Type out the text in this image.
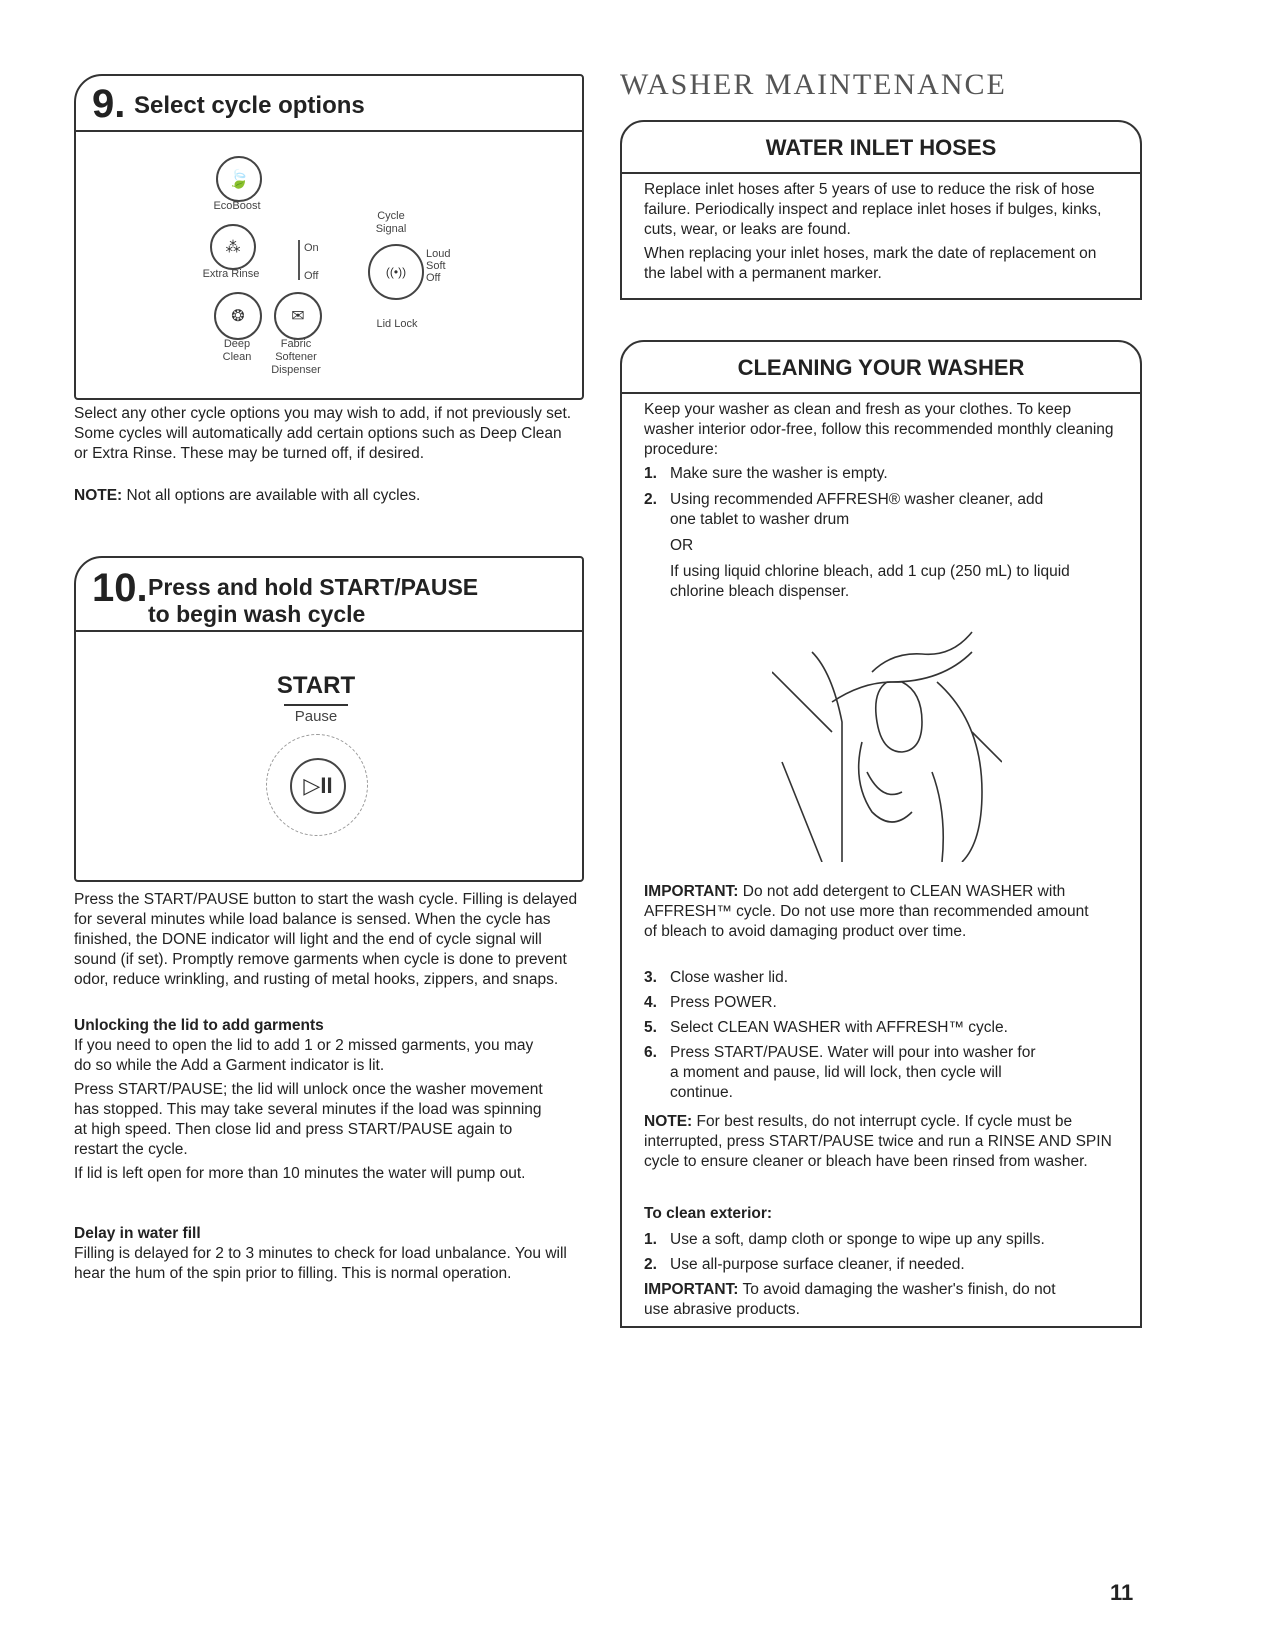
9. Select cycle options
🍃
EcoBoost
⁂
Extra Rinse
On
Off
Cycle Signal
((•))
Loud
Soft
Off
Lid Lock
❂
Deep Clean
✉
Fabric Softener Dispenser
Select any other cycle options you may wish to add, if not previously set. Some cycles will automatically add certain options such as Deep Clean or Extra Rinse. These may be turned off, if desired.
NOTE: Not all options are available with all cycles.
10. Press and hold START/PAUSE
to begin wash cycle
START
Pause
▷II
Press the START/PAUSE button to start the wash cycle. Filling is delayed for several minutes while load balance is sensed. When the cycle has finished, the DONE indicator will light and the end of cycle signal will sound (if set). Promptly remove garments when cycle is done to prevent odor, reduce wrinkling, and rusting of metal hooks, zippers, and snaps.
Unlocking the lid to add garments
If you need to open the lid to add 1 or 2 missed garments, you may do so while the Add a Garment indicator is lit.
Press START/PAUSE; the lid will unlock once the washer movement has stopped. This may take several minutes if the load was spinning at high speed. Then close lid and press START/PAUSE again to restart the cycle.
If lid is left open for more than 10 minutes the water will pump out.
Delay in water fill
Filling is delayed for 2 to 3 minutes to check for load unbalance. You will hear the hum of the spin prior to filling. This is normal operation.
WASHER MAINTENANCE
WATER INLET HOSES
Replace inlet hoses after 5 years of use to reduce the risk of hose failure. Periodically inspect and replace inlet hoses if bulges, kinks, cuts, wear, or leaks are found.
When replacing your inlet hoses, mark the date of replacement on the label with a permanent marker.
CLEANING YOUR WASHER
Keep your washer as clean and fresh as your clothes. To keep washer interior odor-free, follow this recommended monthly cleaning procedure:
1. Make sure the washer is empty.
2. Using recommended AFFRESH® washer cleaner, add one tablet to washer drum
OR
If using liquid chlorine bleach, add 1 cup (250 mL) to liquid chlorine bleach dispenser.
IMPORTANT: Do not add detergent to CLEAN WASHER with AFFRESH™ cycle. Do not use more than recommended amount of bleach to avoid damaging product over time.
3. Close washer lid.
4. Press POWER.
5. Select CLEAN WASHER with AFFRESH™ cycle.
6. Press START/PAUSE. Water will pour into washer for a moment and pause, lid will lock, then cycle will continue.
NOTE: For best results, do not interrupt cycle. If cycle must be interrupted, press START/PAUSE twice and run a RINSE AND SPIN cycle to ensure cleaner or bleach have been rinsed from washer.
To clean exterior:
1. Use a soft, damp cloth or sponge to wipe up any spills.
2. Use all-purpose surface cleaner, if needed.
IMPORTANT: To avoid damaging the washer's finish, do not use abrasive products.
11
